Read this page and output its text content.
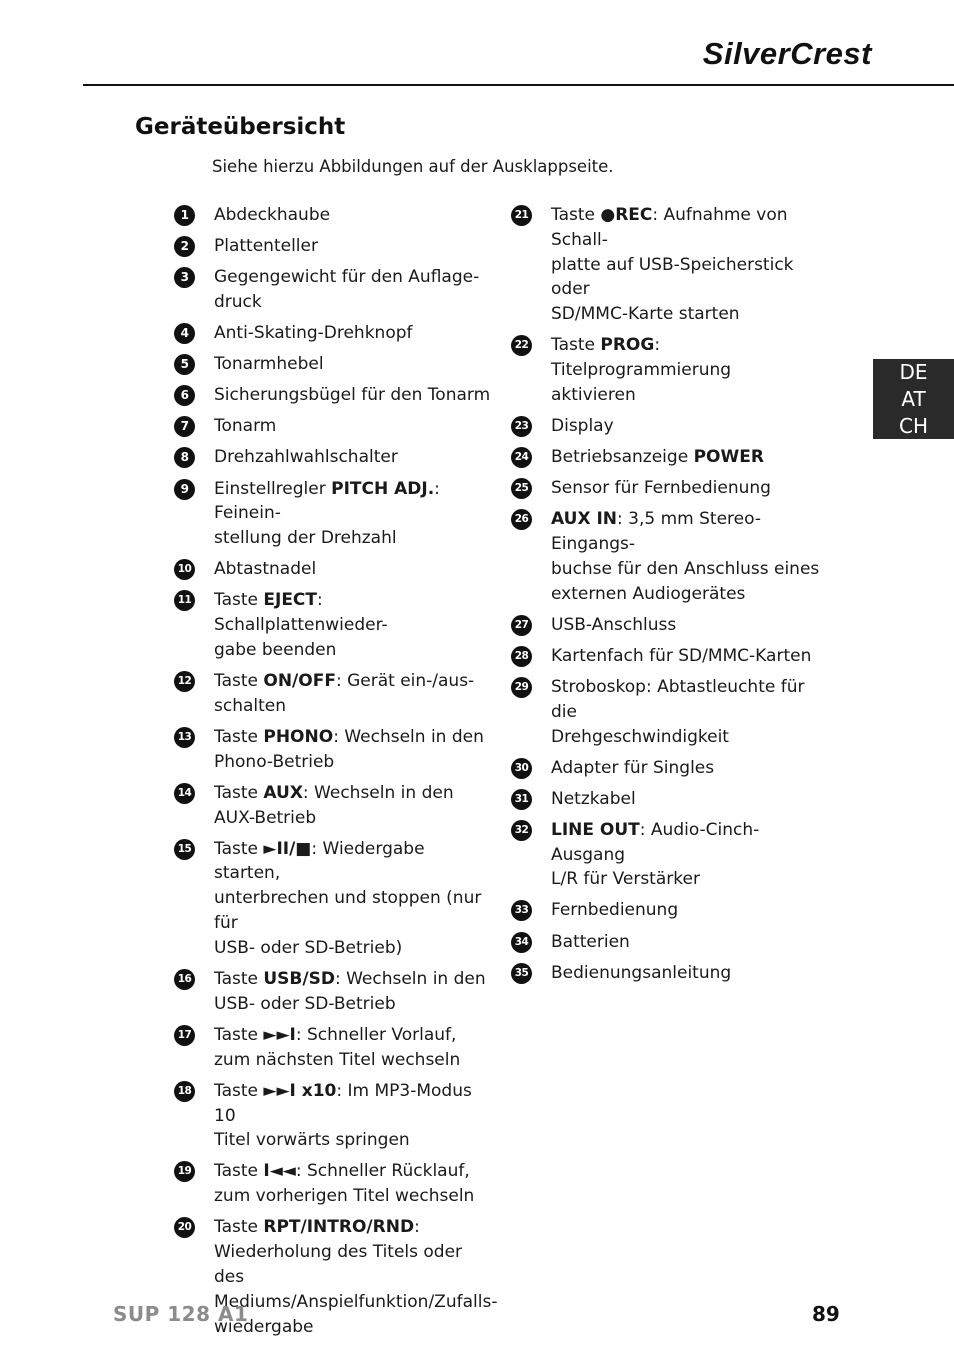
SilverCrest
Geräteübersicht
Siehe hierzu Abbildungen auf der Ausklappseite.
1	Abdeckhaube
2	Plattenteller
3	Gegengewicht für den Auflage-
druck
4	Anti-Skating-Drehknopf
5	Tonarmhebel
6	Sicherungsbügel für den Tonarm
7	Tonarm
8	Drehzahlwahlschalter
9	Einstellregler PITCH ADJ.: Feinein-
stellung der Drehzahl
10 Abtastnadel
11 Taste EJECT: Schallplattenwieder-
gabe beenden
12 Taste ON/OFF: Gerät ein-/aus-
schalten
13 Taste PHONO: Wechseln in den
Phono-Betrieb
14 Taste AUX: Wechseln in den
AUX-Betrieb
15 Taste ►II/■: Wiedergabe starten,
unterbrechen und stoppen (nur für
USB- oder SD-Betrieb)
16 Taste USB/SD: Wechseln in den
USB- oder SD-Betrieb
17 Taste ►►I: Schneller Vorlauf,
zum nächsten Titel wechseln
18 Taste ►►I x10: Im MP3-Modus 10
Titel vorwärts springen
19 Taste I◄◄: Schneller Rücklauf,
zum vorherigen Titel wechseln
20 Taste RPT/INTRO/RND:
Wiederholung des Titels oder des
Mediums/Anspielfunktion/Zufalls-
wiedergabe
21 Taste ●REC: Aufnahme von Schall-
platte auf USB-Speicherstick oder
SD/MMC-Karte starten
22 Taste PROG: Titelprogrammierung
aktivieren
23 Display
24 Betriebsanzeige POWER
25 Sensor für Fernbedienung
26 AUX IN: 3,5 mm Stereo-Eingangs-
buchse für den Anschluss eines
externen Audiogerätes
27 USB-Anschluss
28 Kartenfach für SD/MMC-Karten
29 Stroboskop: Abtastleuchte für die
Drehgeschwindigkeit
30 Adapter für Singles
31 Netzkabel
32 LINE OUT: Audio-Cinch-Ausgang
L/R für Verstärker
33 Fernbedienung
34 Batterien
35 Bedienungsanleitung
DE
AT
CH
SUP 128 A1	89
